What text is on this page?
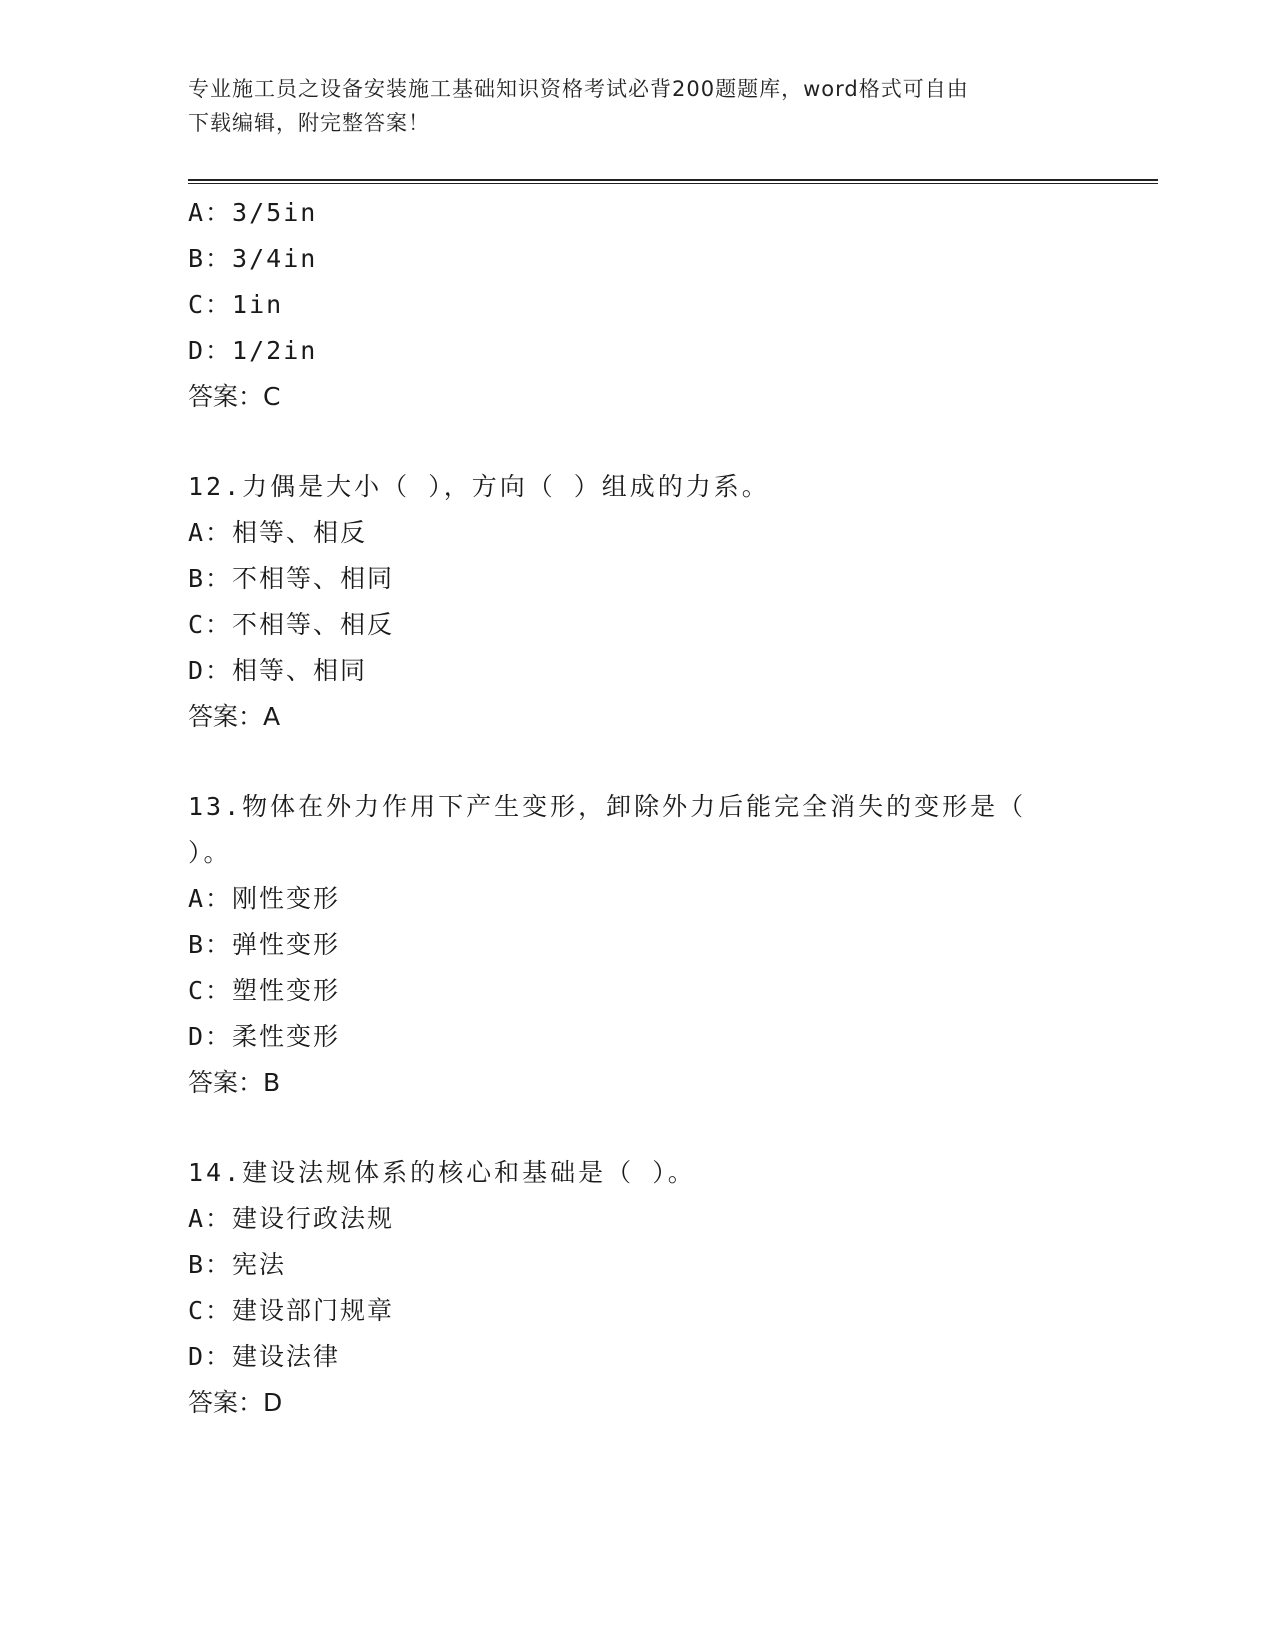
专业施工员之设备安装施工基础知识资格考试必背200题题库，word格式可自由
下载编辑，附完整答案！
A：3/5in
B：3/4in
C：1in
D：1/2in
答案：C
12.力偶是大小（ ），方向（ ）组成的力系。
A：相等、相反
B：不相等、相同
C：不相等、相反
D：相等、相同
答案：A
13.物体在外力作用下产生变形，卸除外力后能完全消失的变形是（
）。
A：刚性变形
B：弹性变形
C：塑性变形
D：柔性变形
答案：B
14.建设法规体系的核心和基础是（ ）。
A：建设行政法规
B：宪法
C：建设部门规章
D：建设法律
答案：D
